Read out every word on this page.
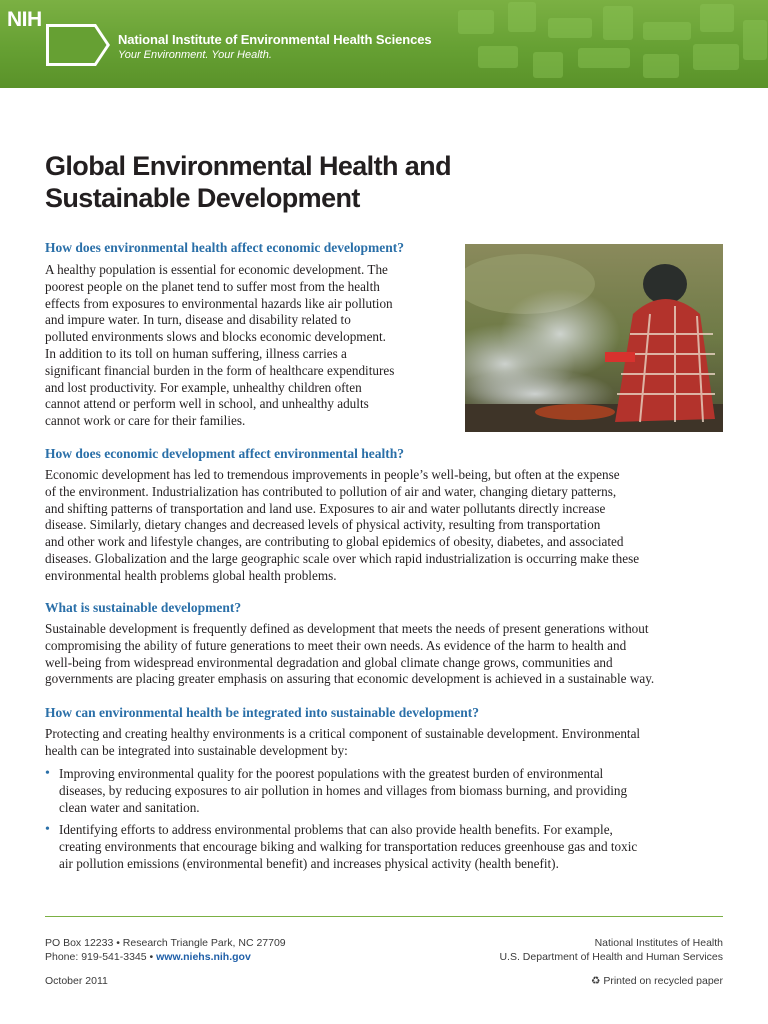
NIH
National Institute of Environmental Health Sciences
Your Environment. Your Health.
Global Environmental Health and
Sustainable Development
How does environmental health affect economic development?
A healthy population is essential for economic development. The
poorest people on the planet tend to suffer most from the health
effects from exposures to environmental hazards like air pollution
and impure water. In turn, disease and disability related to
polluted environments slows and blocks economic development.
In addition to its toll on human suffering, illness carries a
significant financial burden in the form of healthcare expenditures
and lost productivity. For example, unhealthy children often
cannot attend or perform well in school, and unhealthy adults
cannot work or care for their families.
How does economic development affect environmental health?
Economic development has led to tremendous improvements in people’s well-being, but often at the expense
of the environment. Industrialization has contributed to pollution of air and water, changing dietary patterns,
and shifting patterns of transportation and land use. Exposures to air and water pollutants directly increase
disease. Similarly, dietary changes and decreased levels of physical activity, resulting from transportation
and other work and lifestyle changes, are contributing to global epidemics of obesity, diabetes, and associated
diseases. Globalization and the large geographic scale over which rapid industrialization is occurring make these
environmental health problems global health problems.
What is sustainable development?
Sustainable development is frequently defined as development that meets the needs of present generations without
compromising the ability of future generations to meet their own needs. As evidence of the harm to health and
well-being from widespread environmental degradation and global climate change grows, communities and
governments are placing greater emphasis on assuring that economic development is achieved in a sustainable way.
How can environmental health be integrated into sustainable development?
Protecting and creating healthy environments is a critical component of sustainable development. Environmental
health can be integrated into sustainable development by:
• Improving environmental quality for the poorest populations with the greatest burden of environmental
diseases, by reducing exposures to air pollution in homes and villages from biomass burning, and providing
clean water and sanitation.
• Identifying efforts to address environmental problems that can also provide health benefits. For example,
creating environments that encourage biking and walking for transportation reduces greenhouse gas and toxic
air pollution emissions (environmental benefit) and increases physical activity (health benefit).
PO Box 12233 • Research Triangle Park, NC 27709
Phone: 919-541-3345 • www.niehs.nih.gov
October 2011
National Institutes of Health
U.S. Department of Health and Human Services
♻ Printed on recycled paper
